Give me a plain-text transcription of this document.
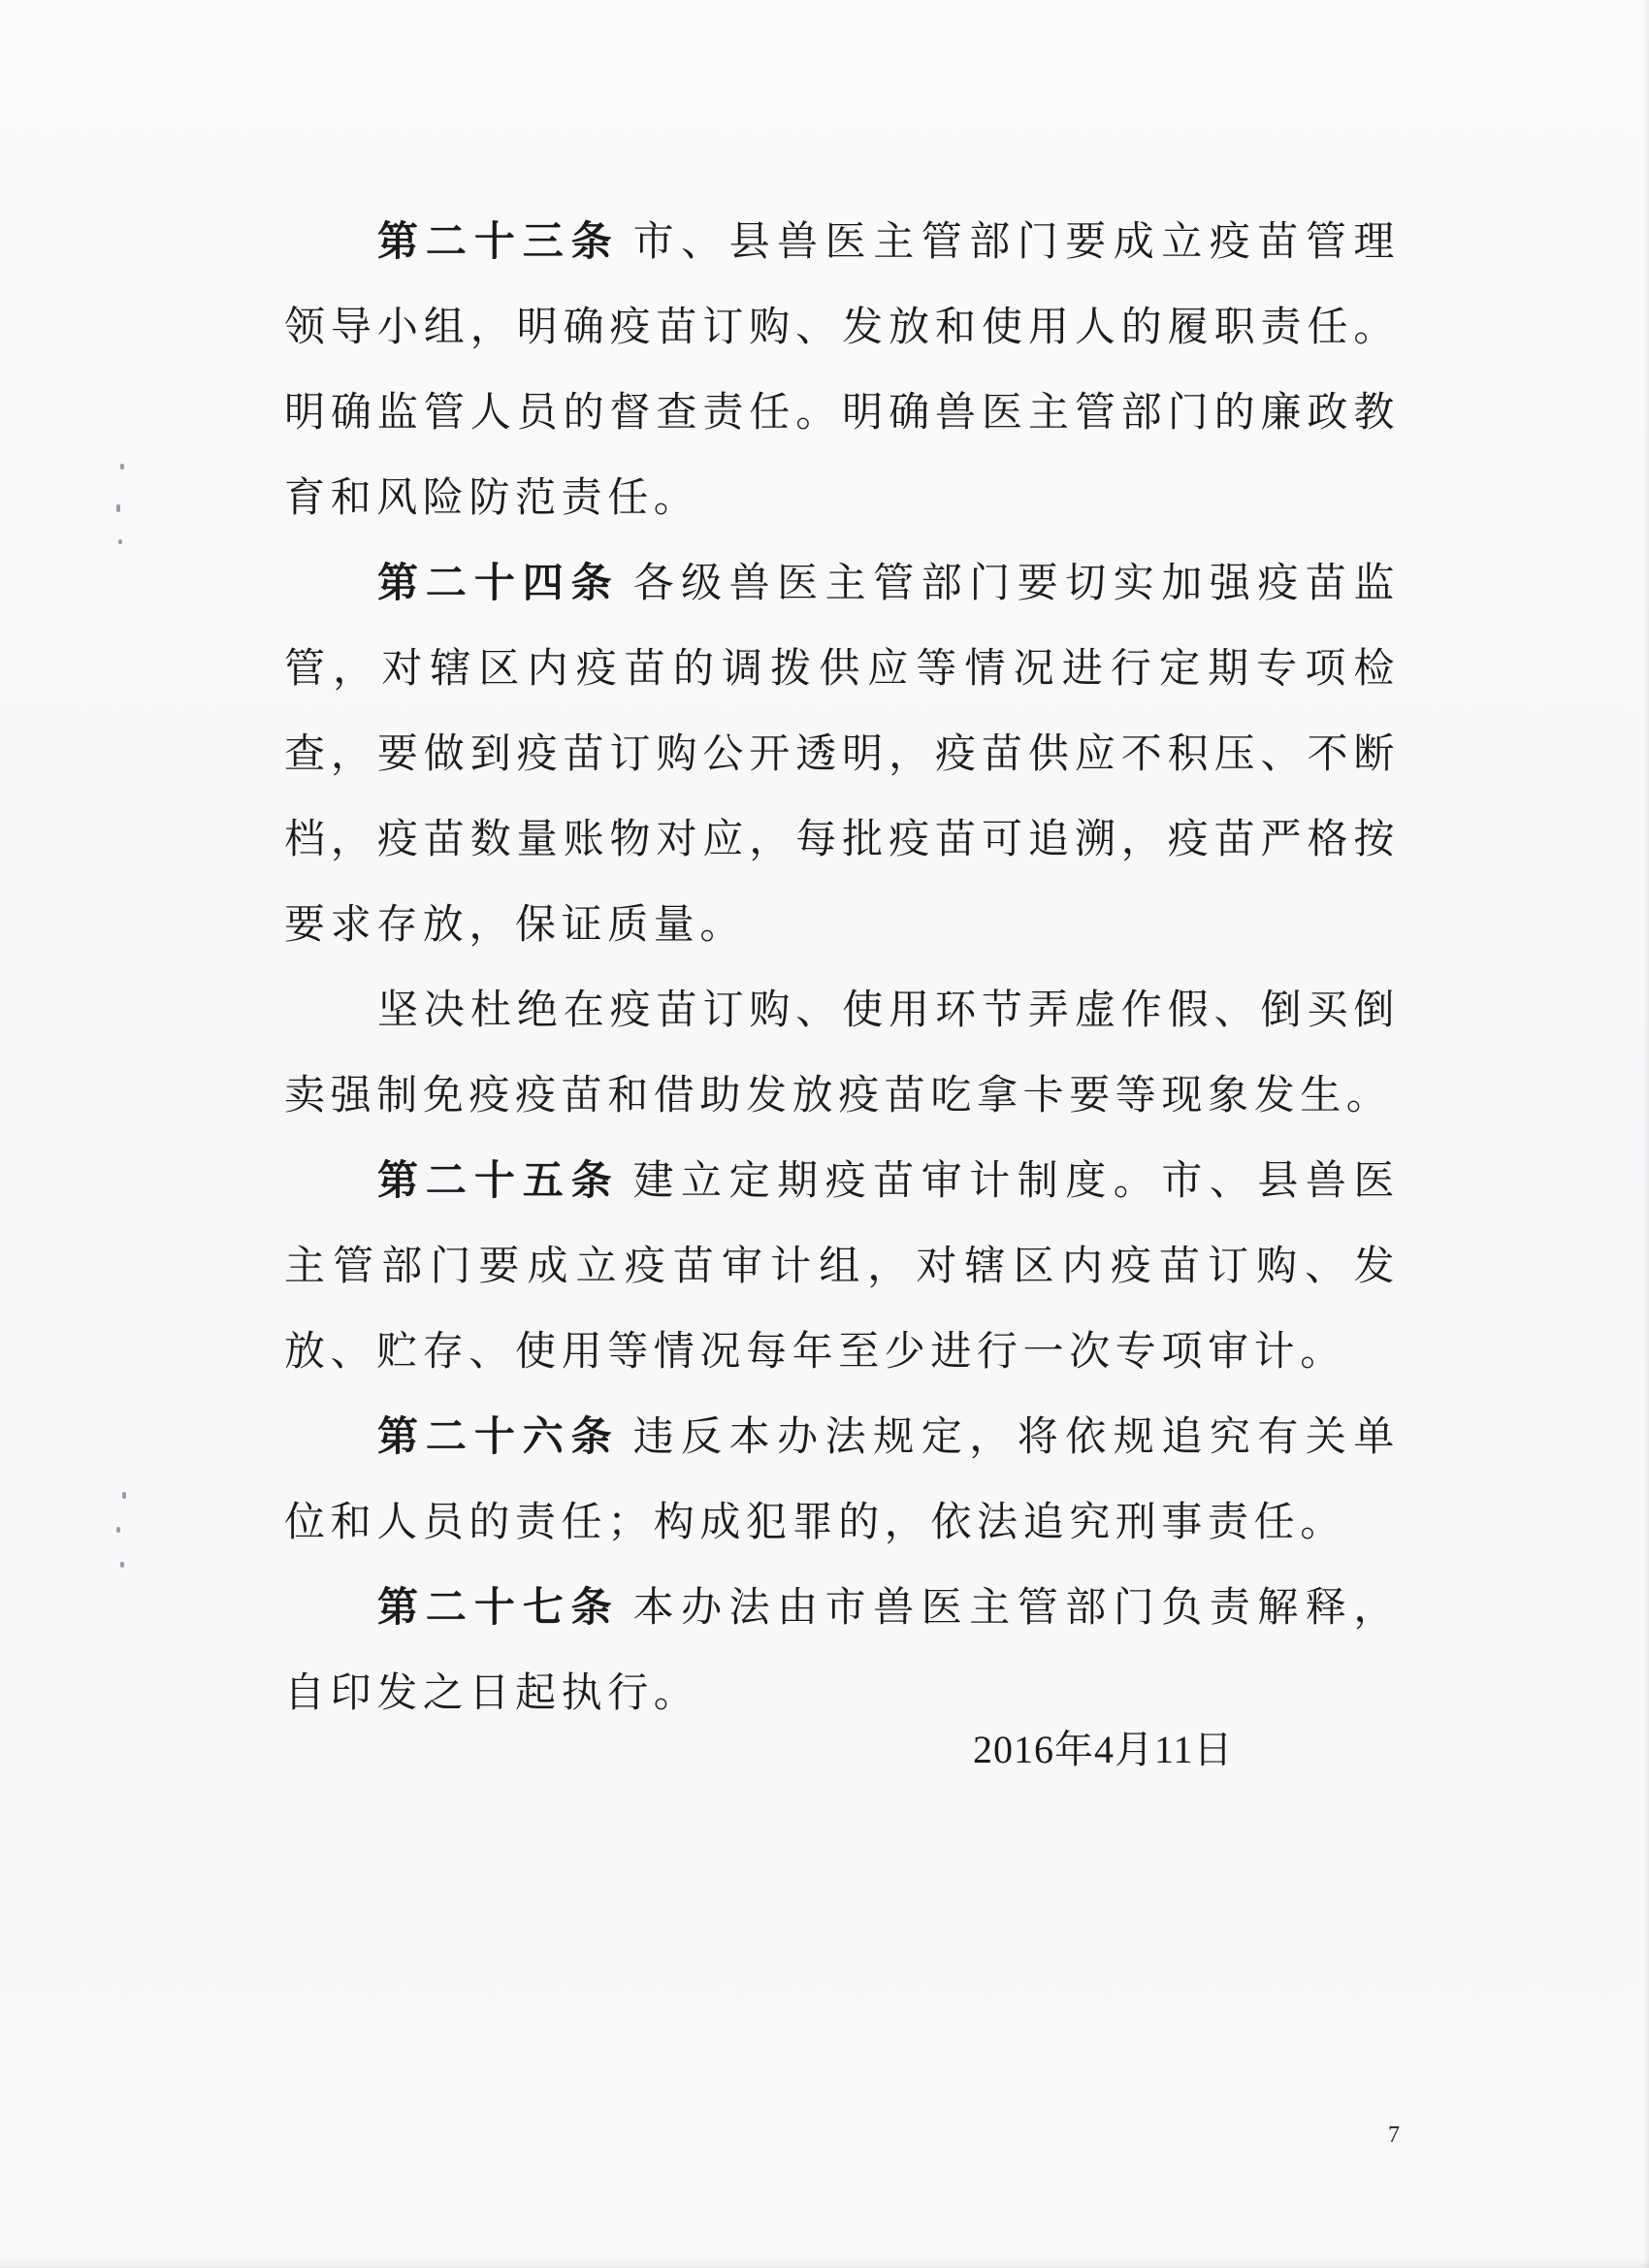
第二十三条 市、县兽医主管部门要成立疫苗管理领导小组，明确疫苗订购、发放和使用人的履职责任。明确监管人员的督查责任。明确兽医主管部门的廉政教育和风险防范责任。

第二十四条 各级兽医主管部门要切实加强疫苗监管，对辖区内疫苗的调拨供应等情况进行定期专项检查，要做到疫苗订购公开透明，疫苗供应不积压、不断档，疫苗数量账物对应，每批疫苗可追溯，疫苗严格按要求存放，保证质量。

坚决杜绝在疫苗订购、使用环节弄虚作假、倒买倒卖强制免疫疫苗和借助发放疫苗吃拿卡要等现象发生。

第二十五条 建立定期疫苗审计制度。市、县兽医主管部门要成立疫苗审计组，对辖区内疫苗订购、发放、贮存、使用等情况每年至少进行一次专项审计。

第二十六条 违反本办法规定，将依规追究有关单位和人员的责任；构成犯罪的，依法追究刑事责任。

第二十七条 本办法由市兽医主管部门负责解释，自印发之日起执行。

2016年4月11日
7
